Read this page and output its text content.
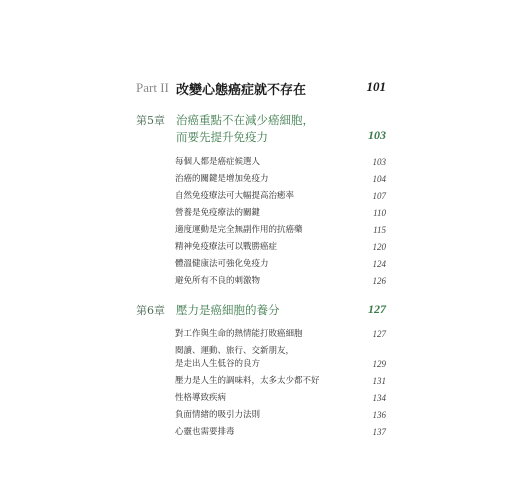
Part II 改變心態癌症就不存在	101
第5章 治癌重點不在減少癌細胞，
而要先提升免疫力	103
每個人都是癌症候選人	103
治癌的關鍵是增加免疫力	104
自然免疫療法可大幅提高治癒率	107
營養是免疫療法的關鍵	110
適度運動是完全無副作用的抗癌藥	115
精神免疫療法可以戰勝癌症	120
體溫健康法可強化免疫力	124
避免所有不良的刺激物	126
第6章 壓力是癌細胞的養分	127
對工作與生命的熱情能打敗癌細胞	127
閱讀、運動、旅行、交新朋友，
是走出人生低谷的良方	129
壓力是人生的調味料，太多太少都不好	131
性格導致疾病	134
負面情緒的吸引力法則	136
心靈也需要排毒	137
